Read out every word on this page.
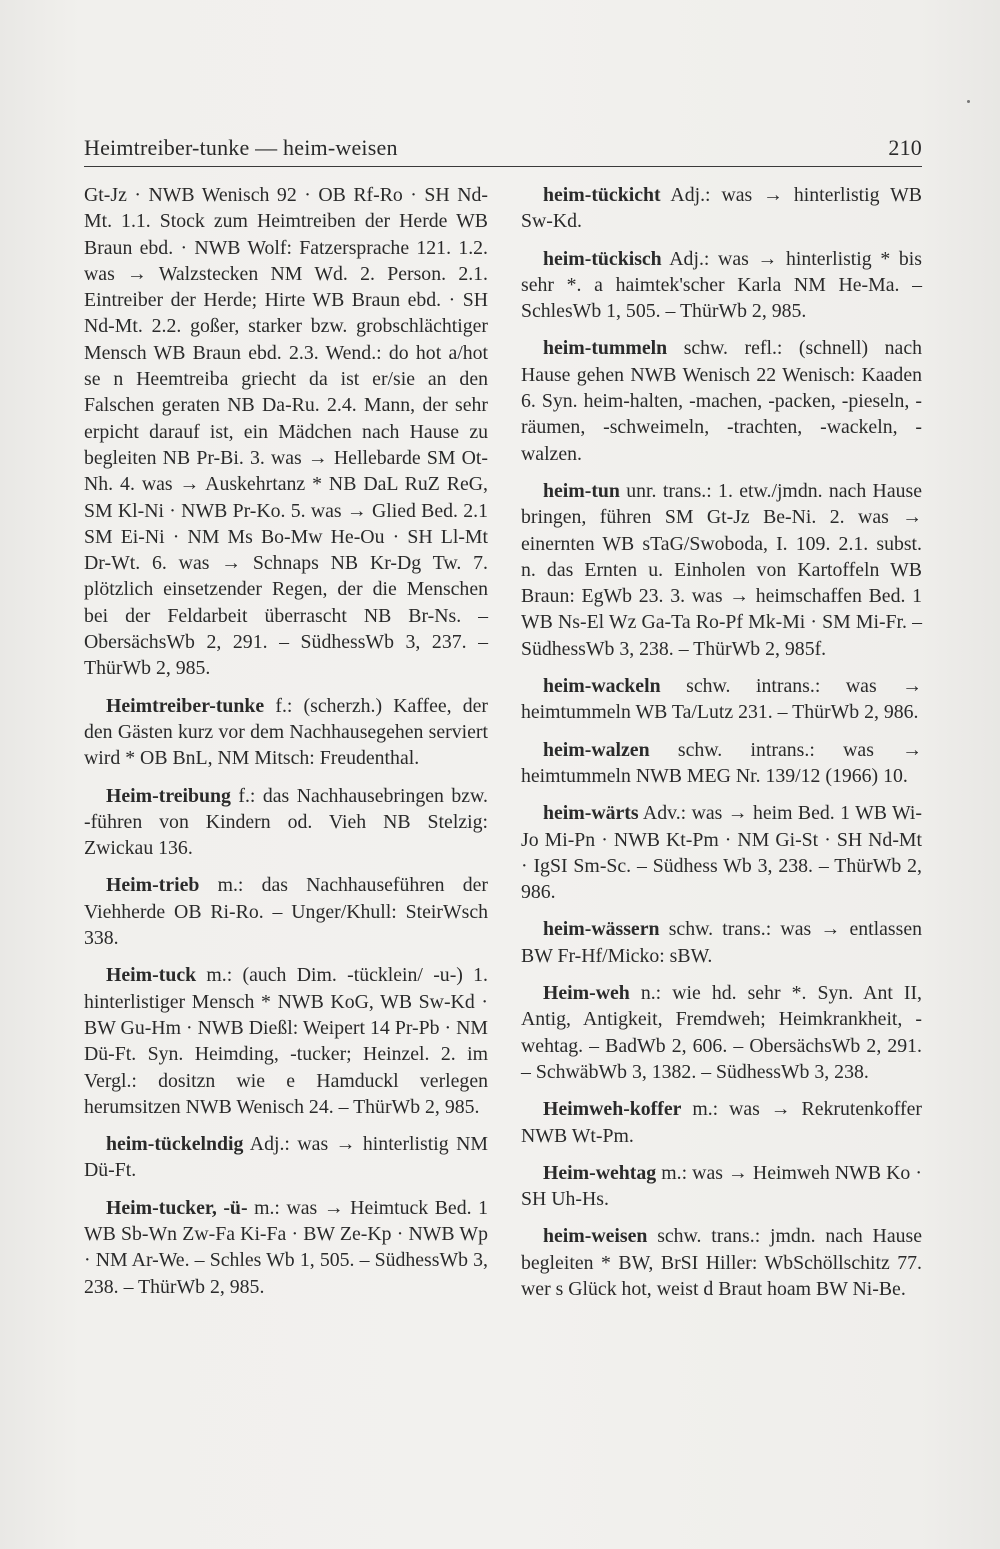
Heimtreiber-tunke — heim-weisen	210

Gt-Jz · NWB Wenisch 92 · OB Rf-Ro · SH Nd-Mt. 1.1. Stock zum Heimtreiben der Herde WB Braun ebd. · NWB Wolf: Fatzersprache 121. 1.2. was → Walzstecken NM Wd. 2. Person. 2.1. Eintreiber der Herde; Hirte WB Braun ebd. · SH Nd-Mt. 2.2. goßer, starker bzw. grobschlächtiger Mensch WB Braun ebd. 2.3. Wend.: do hot a/hot se n Heemtreiba griecht da ist er/sie an den Falschen geraten NB Da-Ru. 2.4. Mann, der sehr erpicht darauf ist, ein Mädchen nach Hause zu begleiten NB Pr-Bi. 3. was → Hellebarde SM Ot-Nh. 4. was → Auskehrtanz * NB DaL RuZ ReG, SM Kl-Ni · NWB Pr-Ko. 5. was → Glied Bed. 2.1 SM Ei-Ni · NM Ms Bo-Mw He-Ou · SH Ll-Mt Dr-Wt. 6. was → Schnaps NB Kr-Dg Tw. 7. plötzlich einsetzender Regen, der die Menschen bei der Feldarbeit überrascht NB Br-Ns. – ObersächsWb 2, 291. – SüdhessWb 3, 237. – ThürWb 2, 985.

Heimtreiber-tunke f.: (scherzh.) Kaffee, der den Gästen kurz vor dem Nachhausegehen serviert wird * OB BnL, NM Mitsch: Freudenthal.

Heim-treibung f.: das Nachhausebringen bzw. -führen von Kindern od. Vieh NB Stelzig: Zwickau 136.

Heim-trieb m.: das Nachhauseführen der Viehherde OB Ri-Ro. – Unger/Khull: SteirWsch 338.

Heim-tuck m.: (auch Dim. -tücklein/ -u-) 1. hinterlistiger Mensch * NWB KoG, WB Sw-Kd · BW Gu-Hm · NWB Dießl: Weipert 14 Pr-Pb · NM Dü-Ft. Syn. Heimding, -tucker; Heinzel. 2. im Vergl.: dositzn wie e Hamduckl verlegen herumsitzen NWB Wenisch 24. – ThürWb 2, 985.

heim-tückelndig Adj.: was → hinterlistig NM Dü-Ft.

Heim-tucker, -ü- m.: was → Heimtuck Bed. 1 WB Sb-Wn Zw-Fa Ki-Fa · BW Ze-Kp · NWB Wp · NM Ar-We. – Schles Wb 1, 505. – SüdhessWb 3, 238. – ThürWb 2, 985.

heim-tückicht Adj.: was → hinterlistig WB Sw-Kd.

heim-tückisch Adj.: was → hinterlistig * bis sehr *. a haimtek'scher Karla NM He-Ma. – SchlesWb 1, 505. – ThürWb 2, 985.

heim-tummeln schw. refl.: (schnell) nach Hause gehen NWB Wenisch 22 Wenisch: Kaaden 6. Syn. heim-halten, -machen, -packen, -pieseln, -räumen, -schweimeln, -trachten, -wackeln, -walzen.

heim-tun unr. trans.: 1. etw./jmdn. nach Hause bringen, führen SM Gt-Jz Be-Ni. 2. was → einernten WB sTaG/Swoboda, I. 109. 2.1. subst. n. das Ernten u. Einholen von Kartoffeln WB Braun: EgWb 23. 3. was → heimschaffen Bed. 1 WB Ns-El Wz Ga-Ta Ro-Pf Mk-Mi · SM Mi-Fr. – SüdhessWb 3, 238. – ThürWb 2, 985f.

heim-wackeln schw. intrans.: was → heimtummeln WB Ta/Lutz 231. – ThürWb 2, 986.

heim-walzen schw. intrans.: was → heimtummeln NWB MEG Nr. 139/12 (1966) 10.

heim-wärts Adv.: was → heim Bed. 1 WB Wi-Jo Mi-Pn · NWB Kt-Pm · NM Gi-St · SH Nd-Mt · IgSI Sm-Sc. – Südhess Wb 3, 238. – ThürWb 2, 986.

heim-wässern schw. trans.: was → entlassen BW Fr-Hf/Micko: sBW.

Heim-weh n.: wie hd. sehr *. Syn. Ant II, Antig, Antigkeit, Fremdweh; Heimkrankheit, -wehtag. – BadWb 2, 606. – ObersächsWb 2, 291. – SchwäbWb 3, 1382. – SüdhessWb 3, 238.

Heimweh-koffer m.: was → Rekrutenkoffer NWB Wt-Pm.

Heim-wehtag m.: was → Heimweh NWB Ko · SH Uh-Hs.

heim-weisen schw. trans.: jmdn. nach Hause begleiten * BW, BrSI Hiller: WbSchöllschitz 77. wer s Glück hot, weist d Braut hoam BW Ni-Be.
